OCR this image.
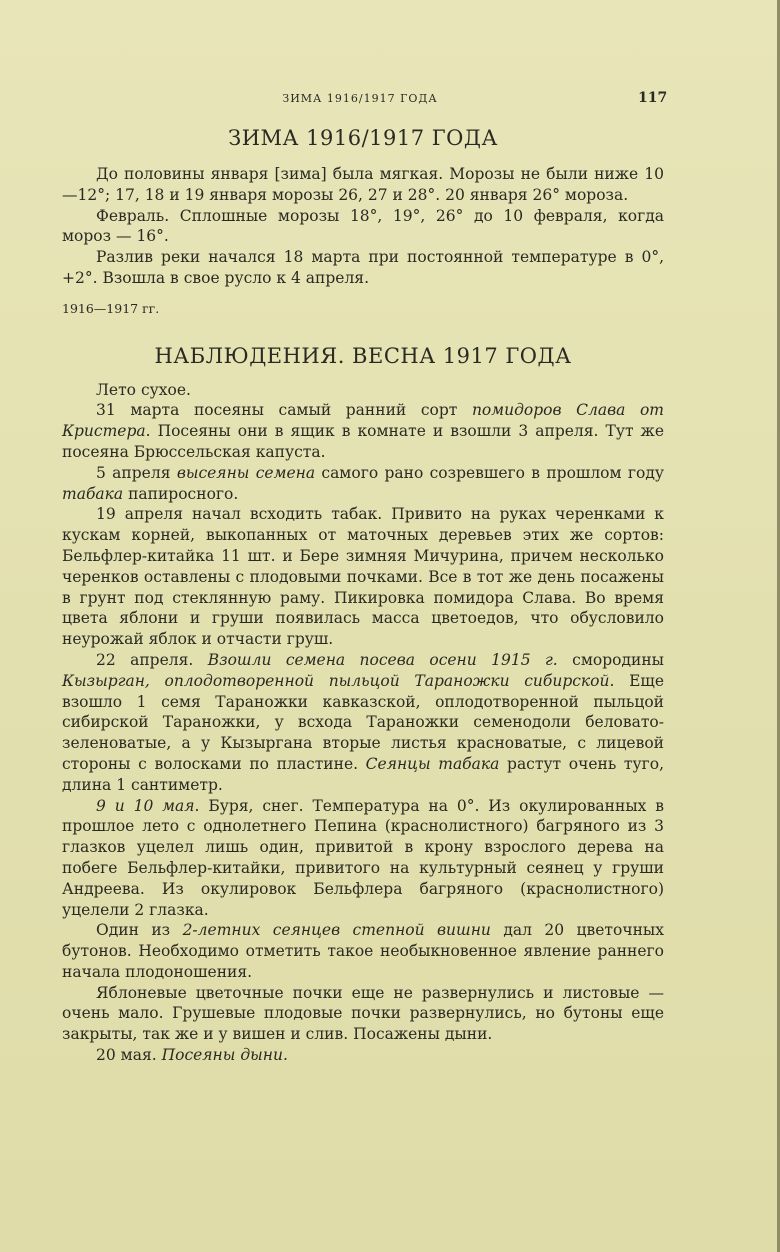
ЗИМА 1916/1917 ГОДА	117
ЗИМА 1916/1917 ГОДА

До половины января [зима] была мягкая. Морозы не были ниже 10—12°; 17, 18 и 19 января морозы 26, 27 и 28°. 20 января 26° мороза.

Февраль. Сплошные морозы 18°, 19°, 26° до 10 февраля, когда мороз — 16°.

Разлив реки начался 18 марта при постоянной температуре в 0°, +2°. Взошла в свое русло к 4 апреля.

1916—1917 гг.

НАБЛЮДЕНИЯ. ВЕСНА 1917 ГОДА

Лето сухое.

31 марта посеяны самый ранний сорт помидоров Слава от Кристера. Посеяны они в ящик в комнате и взошли 3 апреля. Тут же посеяна Брюссельская капуста.

5 апреля высеяны семена самого рано созревшего в прошлом году табака папиросного.

19 апреля начал всходить табак. Привито на руках черенками к кускам корней, выкопанных от маточных деревьев этих же сортов: Бельфлер-китайка 11 шт. и Бере зимняя Мичурина, причем несколько черенков оставлены с плодовыми почками. Все в тот же день посажены в грунт под стеклянную раму. Пикировка помидора Слава. Во время цвета яблони и груши появилась масса цветоедов, что обусловило неурожай яблок и отчасти груш.

22 апреля. Взошли семена посева осени 1915 г. смородины Кызырган, оплодотворенной пыльцой Тараножки сибирской. Еще взошло 1 семя Тараножки кавказской, оплодотворенной пыльцой сибирской Тараножки, у всхода Тараножки семенодоли беловато-зеленоватые, а у Кызыргана вторые листья красноватые, с лицевой стороны с волосками по пластине. Сеянцы табака растут очень туго, длина 1 сантиметр.

9 и 10 мая. Буря, снег. Температура на 0°. Из окулированных в прошлое лето с однолетнего Пепина (краснолистного) багряного из 3 глазков уцелел лишь один, привитой в крону взрослого дерева на побеге Бельфлер-китайки, привитого на культурный сеянец у груши Андреева. Из окулировок Бельфлера багряного (краснолистного) уцелели 2 глазка.

Один из 2-летних сеянцев степной вишни дал 20 цветочных бутонов. Необходимо отметить такое необыкновенное явление раннего начала плодоношения.

Яблоневые цветочные почки еще не развернулись и листовые — очень мало. Грушевые плодовые почки развернулись, но бутоны еще закрыты, так же и у вишен и слив. Посажены дыни.

20 мая. Посеяны дыни.
